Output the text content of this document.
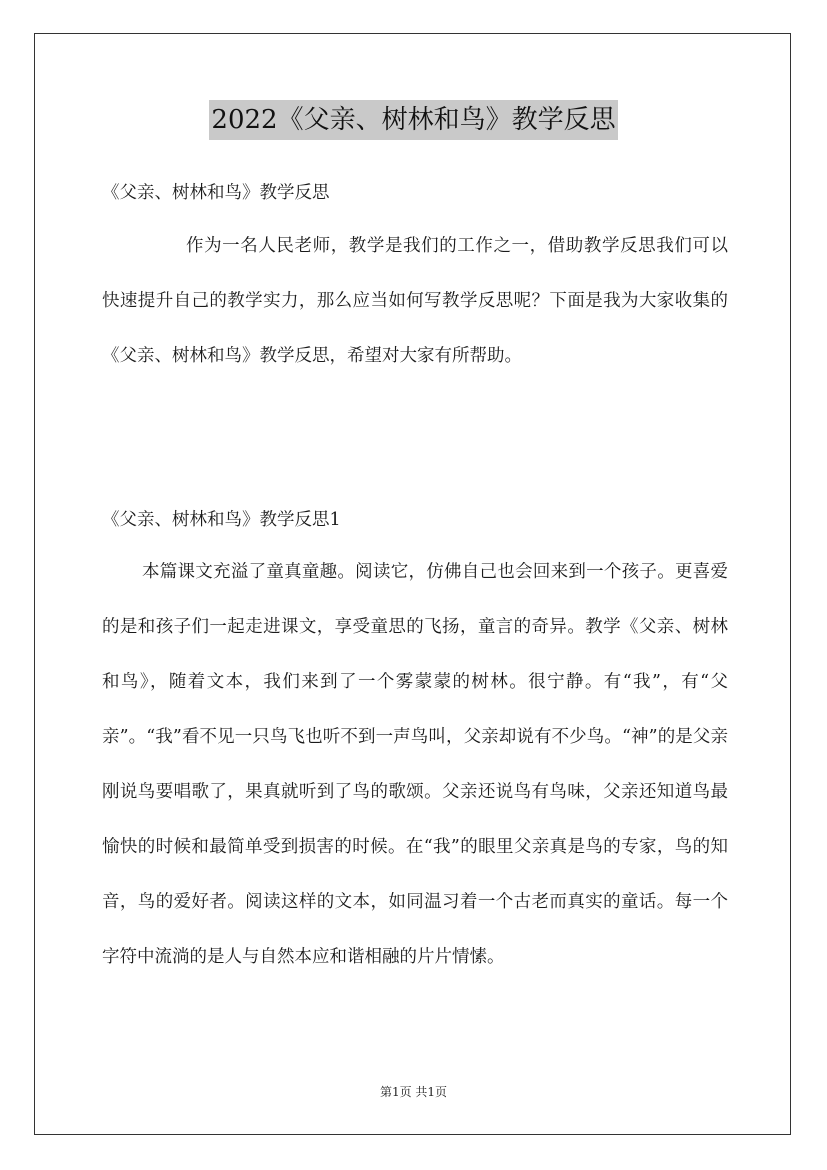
2022《父亲、树林和鸟》教学反思
《父亲、树林和鸟》教学反思

作为一名人民老师，教学是我们的工作之一，借助教学反思我们可以快速提升自己的教学实力，那么应当如何写教学反思呢？下面是我为大家收集的《父亲、树林和鸟》教学反思，希望对大家有所帮助。

《父亲、树林和鸟》教学反思1

本篇课文充溢了童真童趣。阅读它，仿佛自己也会回来到一个孩子。更喜爱的是和孩子们一起走进课文，享受童思的飞扬，童言的奇异。教学《父亲、树林和鸟》，随着文本，我们来到了一个雾蒙蒙的树林。很宁静。有“我”，有“父亲”。“我”看不见一只鸟飞也听不到一声鸟叫，父亲却说有不少鸟。“神”的是父亲刚说鸟要唱歌了，果真就听到了鸟的歌颂。父亲还说鸟有鸟味，父亲还知道鸟最愉快的时候和最简单受到损害的时候。在“我”的眼里父亲真是鸟的专家，鸟的知音，鸟的爱好者。阅读这样的文本，如同温习着一个古老而真实的童话。每一个字符中流淌的是人与自然本应和谐相融的片片情愫。

第1页 共1页
